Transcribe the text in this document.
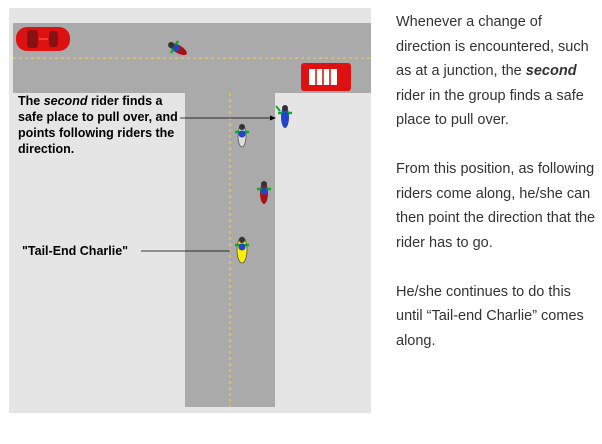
The second rider finds a safe place to pull over, and points following riders the direction.

"Tail-End Charlie"

Whenever a change of direction is encountered, such as at a junction, the second  rider in the group finds a safe place to pull over.

From this position, as following riders come along, he/she can then point the direction that the rider has to go.

He/she continues to do this until “Tail-end Charlie” comes along.
